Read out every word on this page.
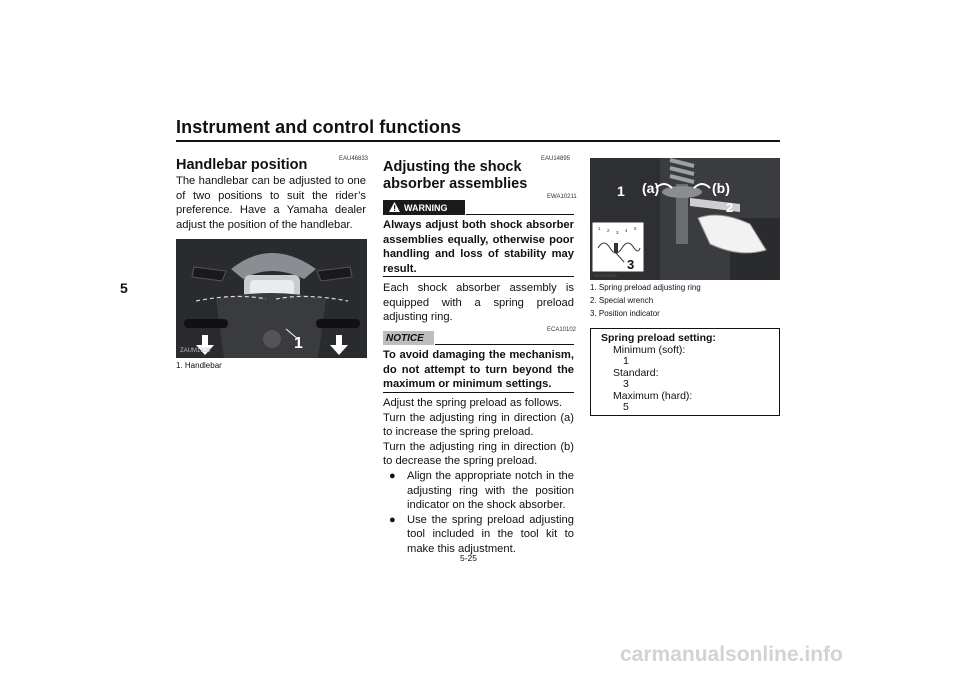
Instrument and control functions
5
EAU46833
Handlebar position
The handlebar can be adjusted to one of two positions to suit the rider’s preference. Have a Yamaha dealer adjust the position of the handlebar.
ZAUM1928	1
1. Handlebar
EAU14895
Adjusting the shock absorber assemblies
WARNING
EWA10211
Always adjust both shock absorber assemblies equally, otherwise poor handling and loss of stability may result.
Each shock absorber assembly is equipped with a spring preload adjusting ring.
NOTICE
ECA10102
To avoid damaging the mechanism, do not attempt to turn beyond the maximum or minimum settings.
Adjust the spring preload as follows.
Turn the adjusting ring in direction (a) to increase the spring preload.
Turn the adjusting ring in direction (b) to decrease the spring preload.
●	Align the appropriate notch in the adjusting ring with the position indicator on the shock absorber.
●	Use the spring preload adjusting tool included in the tool kit to make this adjustment.
5-25
1 (a)	(b)
2
3
1 2 3 4 5
ZAUM1936
1. Spring preload adjusting ring
2. Special wrench
3. Position indicator
Spring preload setting:
Minimum (soft):
1
Standard:
3
Maximum (hard):
5
carmanualsonline.info
